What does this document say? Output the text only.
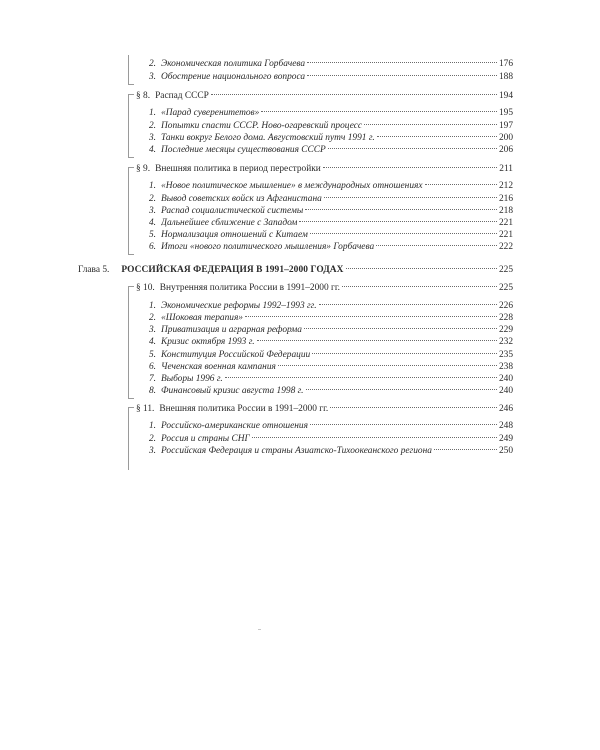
2. Экономическая политика Горбачева	176
3. Обострение национального вопроса	188
§ 8. Распад СССР	194
1. «Парад суверенитетов»	195
2. Попытки спасти СССР. Ново-огаревский процесс	197
3. Танки вокруг Белого дома. Августовский путч 1991 г.	200
4. Последние месяцы существования СССР	206
§ 9. Внешняя политика в период перестройки	211
1. «Новое политическое мышление» в международных отношениях	212
2. Вывод советских войск из Афганистана	216
3. Распад социалистической системы	218
4. Дальнейшее сближение с Западом	221
5. Нормализация отношений с Китаем	221
6. Итоги «нового политического мышления» Горбачева	222
Глава 5. РОССИЙСКАЯ ФЕДЕРАЦИЯ В 1991–2000 ГОДАХ	225
§ 10. Внутренняя политика России в 1991–2000 гг.	225
1. Экономические реформы 1992–1993 гг.	226
2. «Шоковая терапия»	228
3. Приватизация и аграрная реформа	229
4. Кризис октября 1993 г.	232
5. Конституция Российской Федерации	235
6. Чеченская военная кампания	238
7. Выборы 1996 г.	240
8. Финансовый кризис августа 1998 г.	240
§ 11. Внешняя политика России в 1991–2000 гг.	246
1. Российско-американские отношения	248
2. Россия и страны СНГ	249
3. Российская Федерация и страны Азиатско-Тихоокеанского региона	250
